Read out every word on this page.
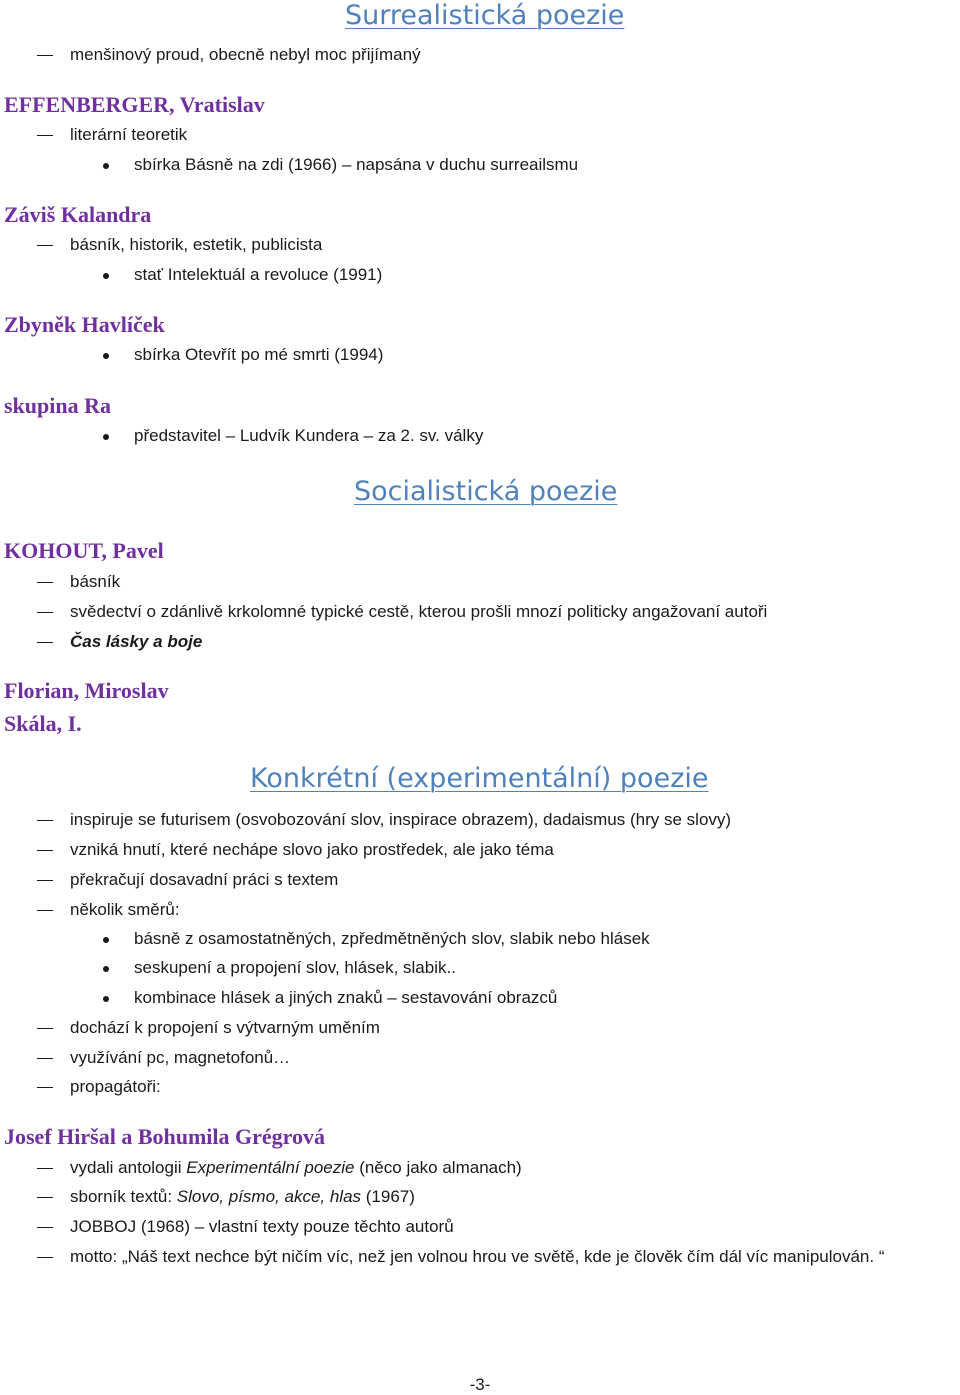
Surrealistická poezie
menšinový proud, obecně nebyl moc přijímaný
EFFENBERGER, Vratislav
literární teoretik
sbírka Básně na zdi (1966) – napsána v duchu surreailsmu
Záviš Kalandra
básník, historik, estetik, publicista
stať Intelektuál a revoluce (1991)
Zbyněk Havlíček
sbírka Otevřít po mé smrti (1994)
skupina Ra
představitel – Ludvík Kundera – za 2. sv. války
Socialistická poezie
KOHOUT, Pavel
básník
svědectví o zdánlivě krkolomné typické cestě, kterou prošli mnozí politicky angažovaní autoři
Čas lásky a boje
Florian, Miroslav
Skála, I.
Konkrétní (experimentální) poezie
inspiruje se futurisem (osvobozování slov, inspirace obrazem), dadaismus (hry se slovy)
vzniká hnutí, které nechápe slovo jako prostředek, ale jako téma
překračují dosavadní práci s textem
několik směrů:
básně z osamostatněných, zpředmětněných slov, slabik nebo hlásek
seskupení a propojení slov, hlásek, slabik..
kombinace hlásek a jiných znaků – sestavování obrazců
dochází k propojení s výtvarným uměním
využívání pc, magnetofonů…
propagátoři:
Josef Hiršal a Bohumila Grégrová
vydali antologii Experimentální poezie (něco jako almanach)
sborník textů: Slovo, písmo, akce, hlas (1967)
JOBBOJ (1968) – vlastní texty pouze těchto autorů
motto: „Náš text nechce být ničím víc, než jen volnou hrou ve světě, kde je člověk čím dál víc manipulován. “
-3-
